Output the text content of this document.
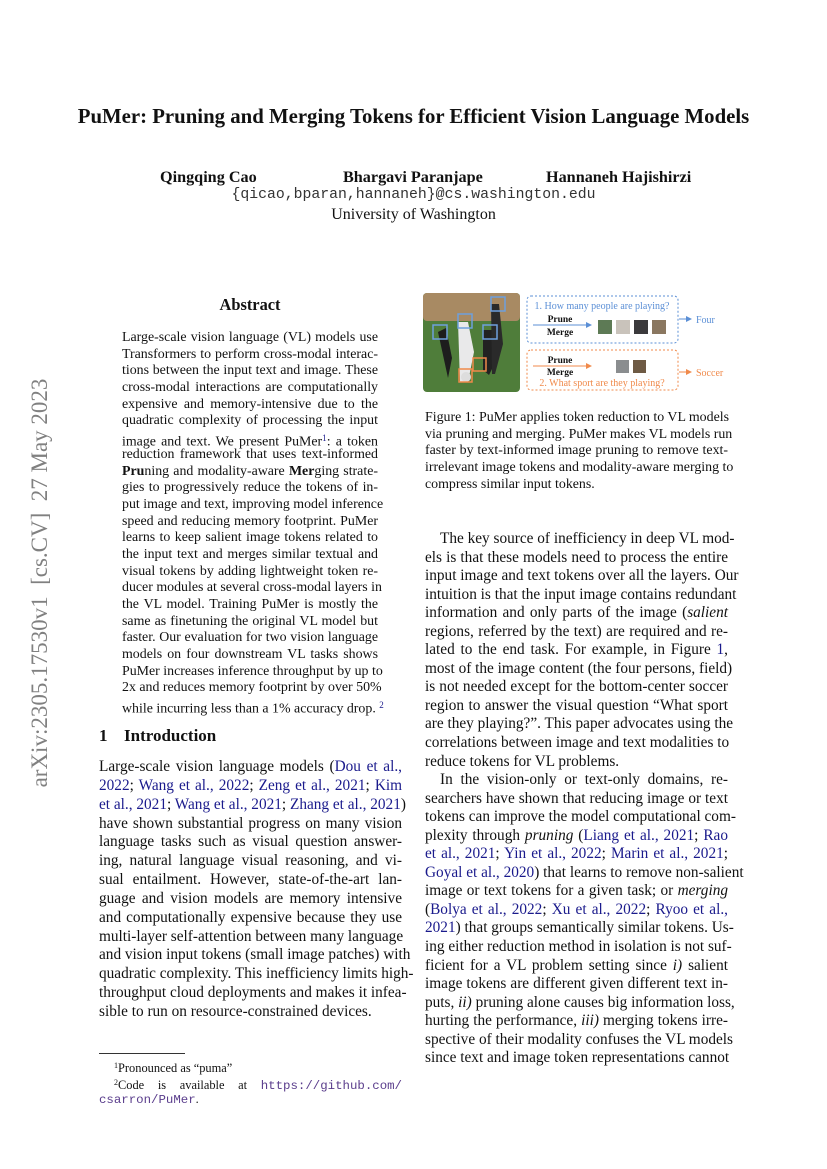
arXiv:2305.17530v1  [cs.CV]  27 May 2023
PuMer: Pruning and Merging Tokens for Efficient Vision Language Models
Qingqing Cao	Bhargavi Paranjape	Hannaneh Hajishirzi
{qicao,bparan,hannaneh}@cs.washington.edu
University of Washington
Abstract
Large-scale vision language (VL) models use
Transformers to perform cross-modal interac-
tions between the input text and image. These
cross-modal interactions are computationally
expensive and memory-intensive due to the
quadratic complexity of processing the input
image and text. We present PuMer$^1$: a token
reduction framework that uses text-informed
Pruning and modality-aware Merging strate-
gies to progressively reduce the tokens of in-
put image and text, improving model inference
speed and reducing memory footprint. PuMer
learns to keep salient image tokens related to
the input text and merges similar textual and
visual tokens by adding lightweight token re-
ducer modules at several cross-modal layers in
the VL model. Training PuMer is mostly the
same as finetuning the original VL model but
faster. Our evaluation for two vision language
models on four downstream VL tasks shows
PuMer increases inference throughput by up to
2x and reduces memory footprint by over 50%
while incurring less than a 1% accuracy drop. $^2$
1 Introduction
Large-scale vision language models (Dou et al.,
2022; Wang et al., 2022; Zeng et al., 2021; Kim
et al., 2021; Wang et al., 2021; Zhang et al., 2021)
have shown substantial progress on many vision
language tasks such as visual question answer-
ing, natural language visual reasoning, and vi-
sual entailment. However, state-of-the-art lan-
guage and vision models are memory intensive
and computationally expensive because they use
multi-layer self-attention between many language
and vision input tokens (small image patches) with
quadratic complexity. This inefficiency limits high-
throughput cloud deployments and makes it infea-
sible to run on resource-constrained devices.
$^1$Pronounced as “puma”
$^2$Code is available at https://github.com/
csarron/PuMer.
1. How many people are playing?
Prune
Merge
Four
Prune
Merge
2. What sport are they playing?
Soccer
Figure 1: PuMer applies token reduction to VL models
via pruning and merging. PuMer makes VL models run
faster by text-informed image pruning to remove text-
irrelevant image tokens and modality-aware merging to
compress similar input tokens.
The key source of inefficiency in deep VL mod-
els is that these models need to process the entire
input image and text tokens over all the layers. Our
intuition is that the input image contains redundant
information and only parts of the image (salient
regions, referred by the text) are required and re-
lated to the end task. For example, in Figure 1,
most of the image content (the four persons, field)
is not needed except for the bottom-center soccer
region to answer the visual question “What sport
are they playing?”. This paper advocates using the
correlations between image and text modalities to
reduce tokens for VL problems.
In the vision-only or text-only domains, re-
searchers have shown that reducing image or text
tokens can improve the model computational com-
plexity through pruning (Liang et al., 2021; Rao
et al., 2021; Yin et al., 2022; Marin et al., 2021;
Goyal et al., 2020) that learns to remove non-salient
image or text tokens for a given task; or merging
(Bolya et al., 2022; Xu et al., 2022; Ryoo et al.,
2021) that groups semantically similar tokens. Us-
ing either reduction method in isolation is not suf-
ficient for a VL problem setting since i) salient
image tokens are different given different text in-
puts, ii) pruning alone causes big information loss,
hurting the performance, iii) merging tokens irre-
spective of their modality confuses the VL models
since text and image token representations cannot
